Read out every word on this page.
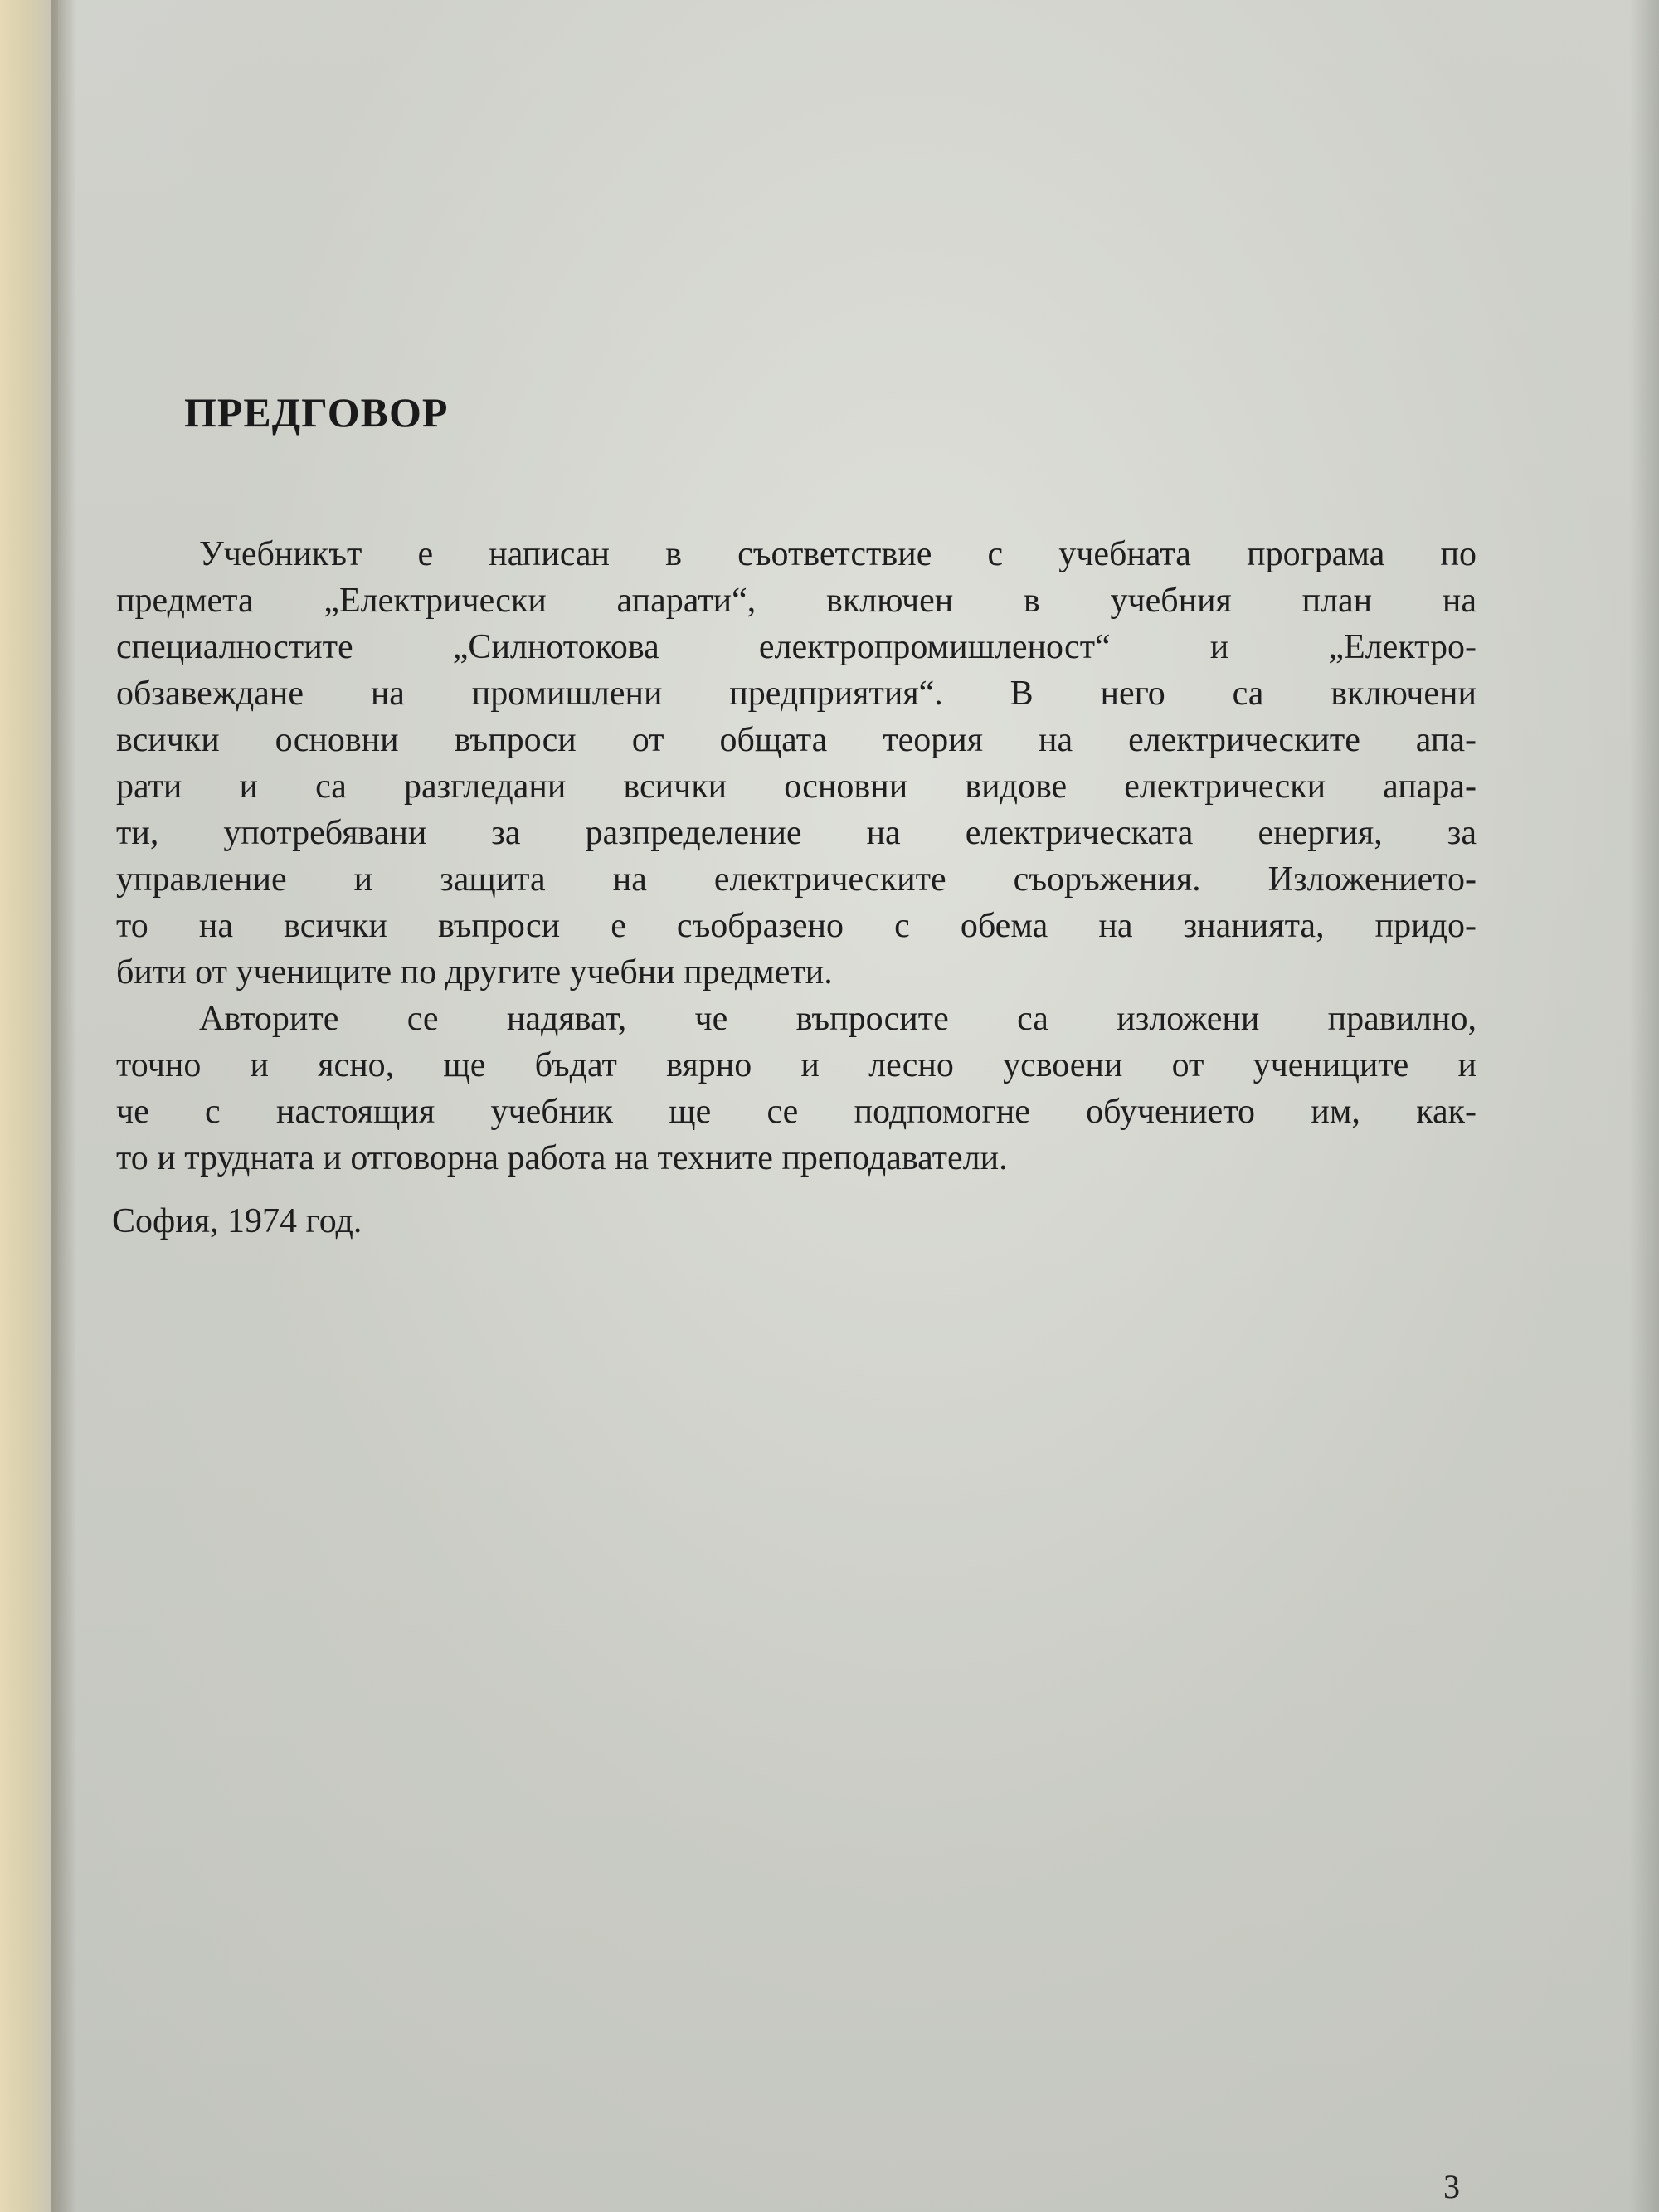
ПРЕДГОВОР
Учебникът е написан в съответствие с учебната програма по
предмета „Електрически апарати“, включен в учебния план на
специалностите „Силнотокова електропромишленост“ и „Електро-
обзавеждане на промишлени предприятия“. В него са включени
всички основни въпроси от общата теория на електрическите апа-
рати и са разгледани всички основни видове електрически апара-
ти, употребявани за разпределение на електрическата енергия, за
управление и защита на електрическите съоръжения. Изложението-
то на всички въпроси е съобразено с обема на знанията, придо-
бити от учениците по другите учебни предмети.
Авторите се надяват, че въпросите са изложени правилно,
точно и ясно, ще бъдат вярно и лесно усвоени от учениците и
че с настоящия учебник ще се подпомогне обучението им, как-
то и трудната и отговорна работа на техните преподаватели.

София, 1974 год.

3
